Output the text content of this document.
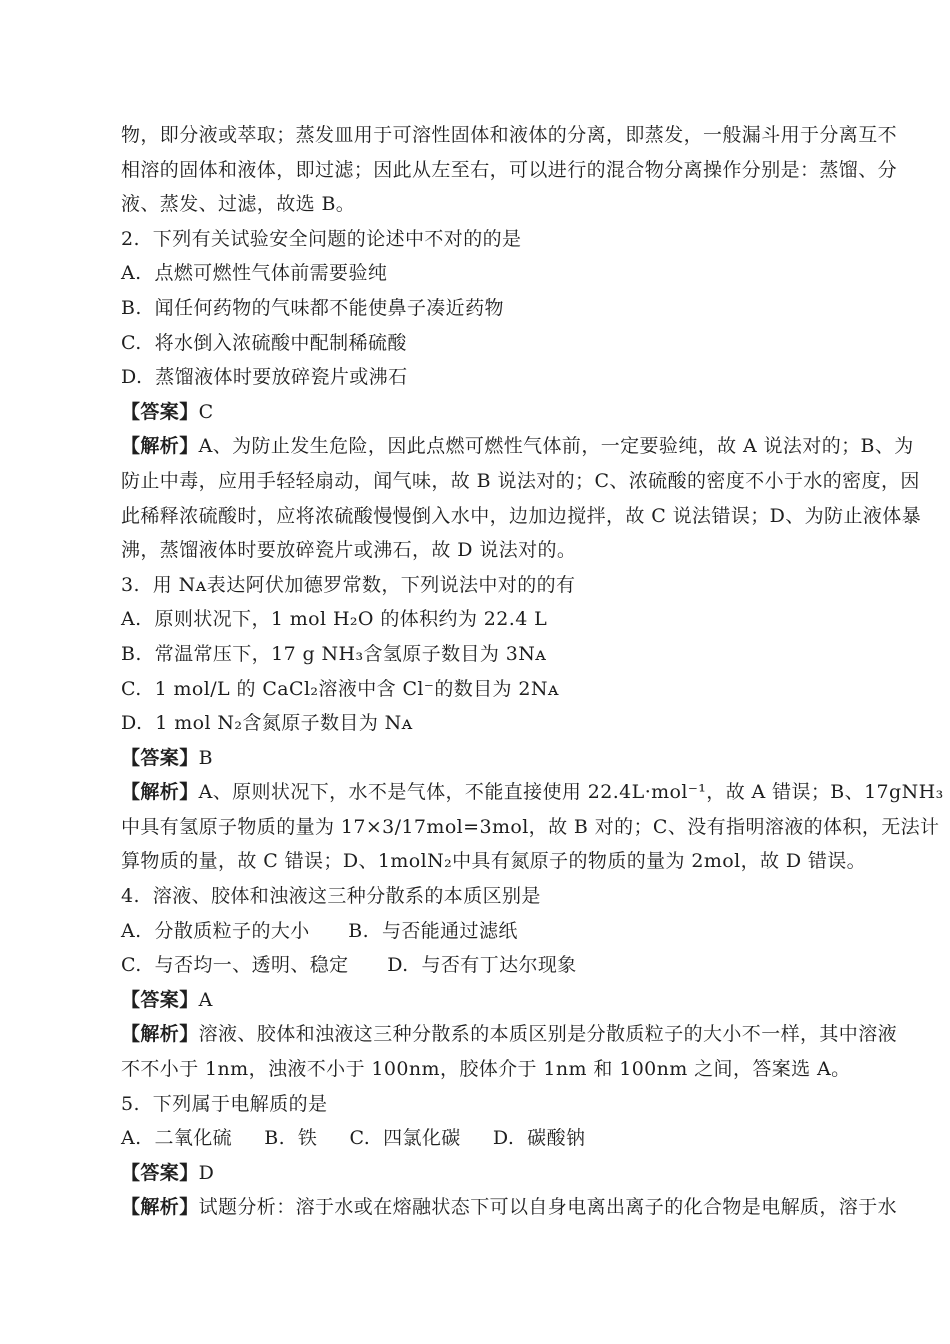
物，即分液或萃取；蒸发皿用于可溶性固体和液体的分离，即蒸发，一般漏斗用于分离互不
相溶的固体和液体，即过滤；因此从左至右，可以进行的混合物分离操作分别是：蒸馏、分
液、蒸发、过滤，故选 B。
2.  下列有关试验安全问题的论述中不对的的是
A.  点燃可燃性气体前需要验纯
B.  闻任何药物的气味都不能使鼻子凑近药物
C.  将水倒入浓硫酸中配制稀硫酸
D.  蒸馏液体时要放碎瓷片或沸石
【答案】C
【解析】A、为防止发生危险，因此点燃可燃性气体前，一定要验纯，故 A 说法对的；B、为
防止中毒，应用手轻轻扇动，闻气味，故 B 说法对的；C、浓硫酸的密度不小于水的密度，因
此稀释浓硫酸时，应将浓硫酸慢慢倒入水中，边加边搅拌，故 C 说法错误；D、为防止液体暴
沸，蒸馏液体时要放碎瓷片或沸石，故 D 说法对的。
3.  用 Nᴀ表达阿伏加德罗常数，下列说法中对的的有
A.  原则状况下，1 mol H₂O 的体积约为 22.4 L
B.  常温常压下，17 g NH₃含氢原子数目为 3Nᴀ
C.  1 mol/L 的 CaCl₂溶液中含 Cl⁻的数目为 2Nᴀ
D.  1 mol N₂含氮原子数目为 Nᴀ
【答案】B
【解析】A、原则状况下，水不是气体，不能直接使用 22.4L·mol⁻¹，故 A 错误；B、17gNH₃
中具有氢原子物质的量为 17×3/17mol=3mol，故 B 对的；C、没有指明溶液的体积，无法计
算物质的量，故 C 错误；D、1molN₂中具有氮原子的物质的量为 2mol，故 D 错误。
4.  溶液、胶体和浊液这三种分散系的本质区别是
A.  分散质粒子的大小      B.  与否能通过滤纸
C.  与否均一、透明、稳定      D.  与否有丁达尔现象
【答案】A
【解析】溶液、胶体和浊液这三种分散系的本质区别是分散质粒子的大小不一样，其中溶液
不不小于 1nm，浊液不小于 100nm，胶体介于 1nm 和 100nm 之间，答案选 A。
5.  下列属于电解质的是
A.  二氧化硫     B.  铁     C.  四氯化碳     D.  碳酸钠
【答案】D
【解析】试题分析：溶于水或在熔融状态下可以自身电离出离子的化合物是电解质，溶于水
